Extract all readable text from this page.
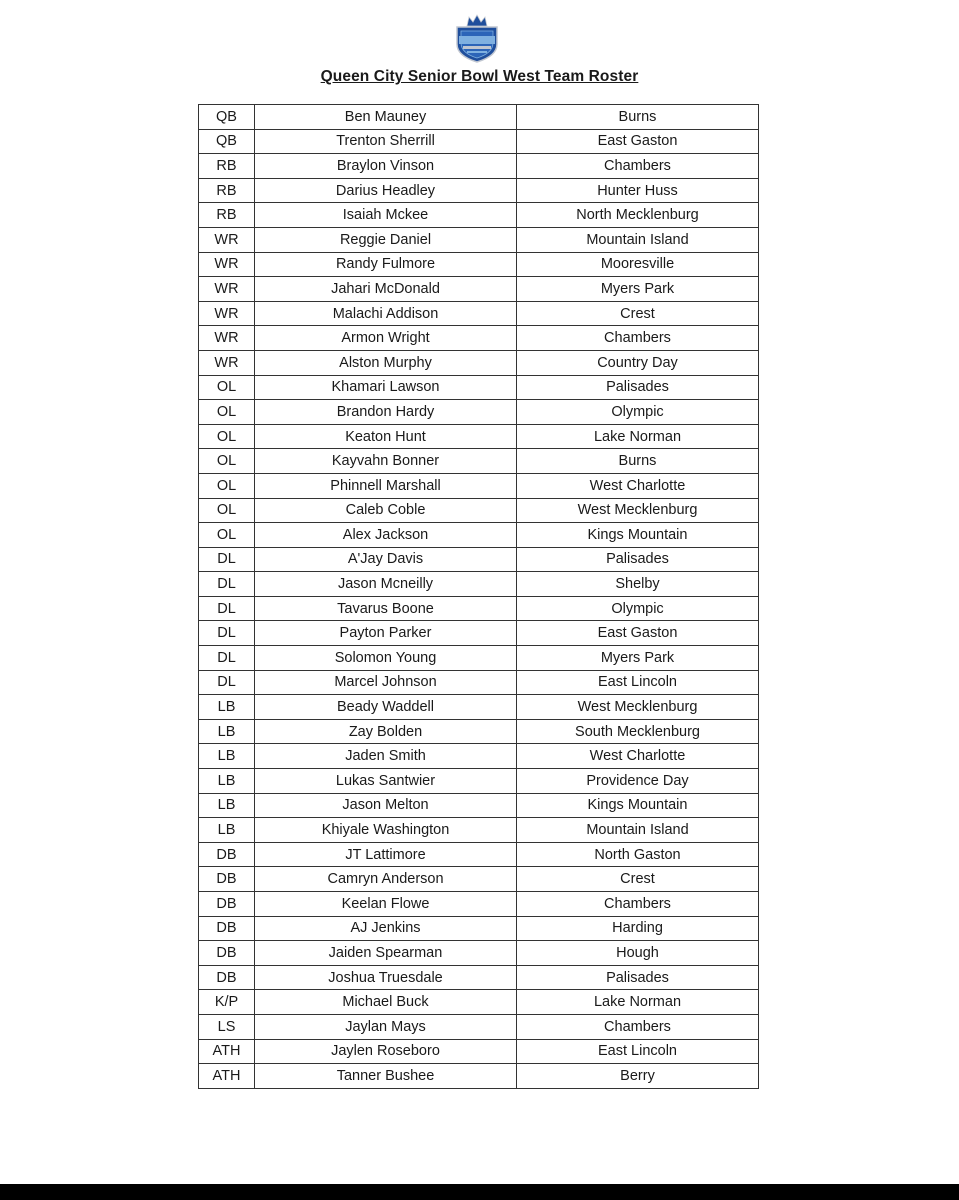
Queen City Senior Bowl West Team Roster
QB	Ben Mauney	Burns
QB	Trenton Sherrill	East Gaston
RB	Braylon Vinson	Chambers
RB	Darius Headley	Hunter Huss
RB	Isaiah Mckee	North Mecklenburg
WR	Reggie Daniel	Mountain Island
WR	Randy Fulmore	Mooresville
WR	Jahari McDonald	Myers Park
WR	Malachi Addison	Crest
WR	Armon Wright	Chambers
WR	Alston Murphy	Country Day
OL	Khamari Lawson	Palisades
OL	Brandon Hardy	Olympic
OL	Keaton Hunt	Lake Norman
OL	Kayvahn Bonner	Burns
OL	Phinnell Marshall	West Charlotte
OL	Caleb Coble	West Mecklenburg
OL	Alex Jackson	Kings Mountain
DL	A'Jay Davis	Palisades
DL	Jason Mcneilly	Shelby
DL	Tavarus Boone	Olympic
DL	Payton Parker	East Gaston
DL	Solomon Young	Myers Park
DL	Marcel Johnson	East Lincoln
LB	Beady Waddell	West Mecklenburg
LB	Zay Bolden	South Mecklenburg
LB	Jaden Smith	West Charlotte
LB	Lukas Santwier	Providence Day
LB	Jason Melton	Kings Mountain
LB	Khiyale Washington	Mountain Island
DB	JT Lattimore	North Gaston
DB	Camryn Anderson	Crest
DB	Keelan Flowe	Chambers
DB	AJ Jenkins	Harding
DB	Jaiden Spearman	Hough
DB	Joshua Truesdale	Palisades
K/P	Michael Buck	Lake Norman
LS	Jaylan Mays	Chambers
ATH	Jaylen Roseboro	East Lincoln
ATH	Tanner Bushee	Berry
